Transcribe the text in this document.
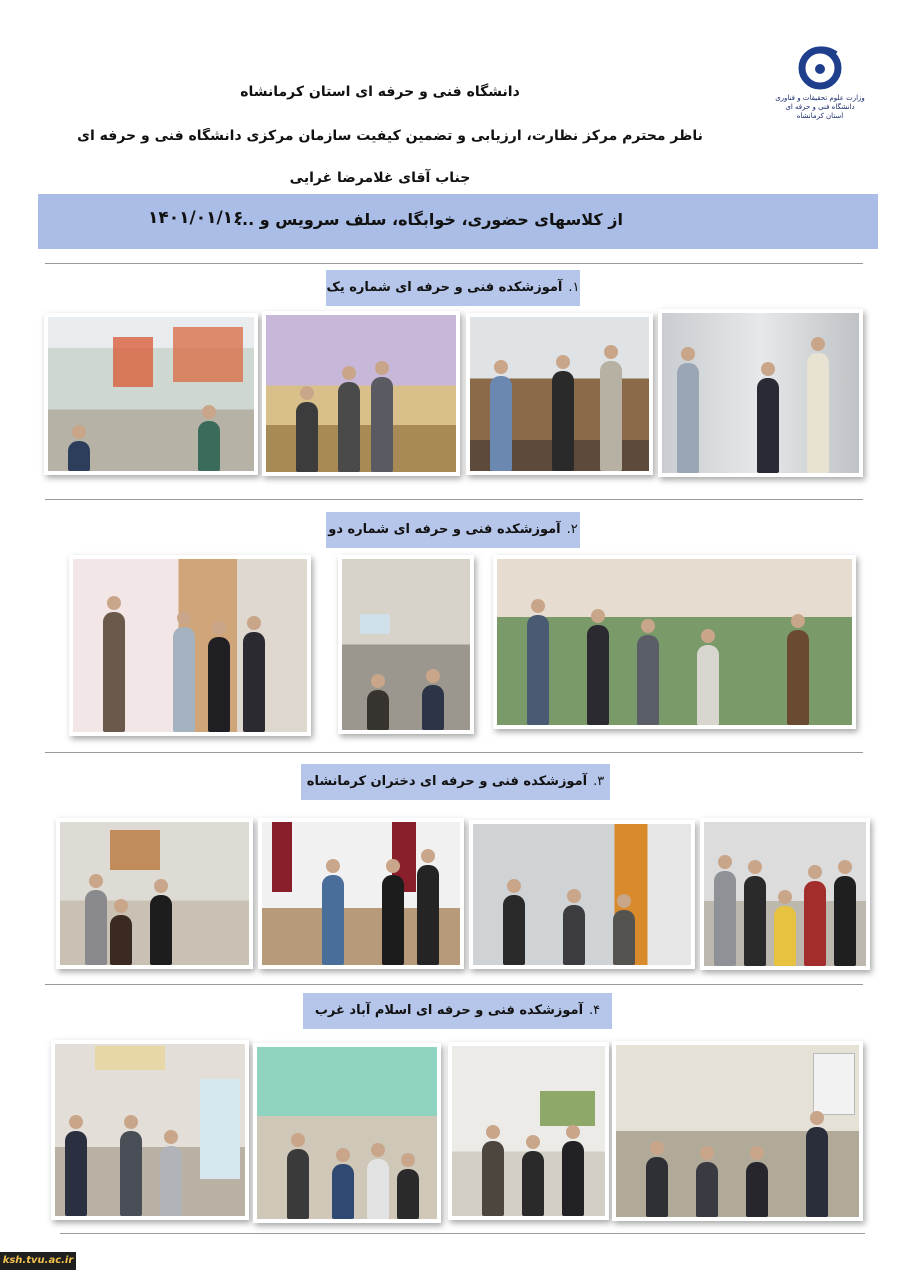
وزارت علوم تحقیقات و فناوری
دانشگاه فنی و حرفه ای
استان کرمانشاه
دانشگاه فنی و حرفه ای استان کرمانشاه
ناظر محترم مرکز نظارت، ارزیابی و تضمین کیفیت سازمان مرکزی دانشگاه فنی و حرفه ای
جناب آقای غلامرضا غرایی
از کلاسهای حضوری، خوابگاه، سلف سرویس و ...
۱۴۰۱/۰۱/۱۶
۱.آموزشکده فنی و حرفه ای شماره یک
۲.آموزشکده فنی و حرفه ای شماره دو
۳.آموزشکده فنی و حرفه ای دختران کرمانشاه
۴.آموزشکده فنی و حرفه ای اسلام آباد غرب
ksh.tvu.ac.ir
